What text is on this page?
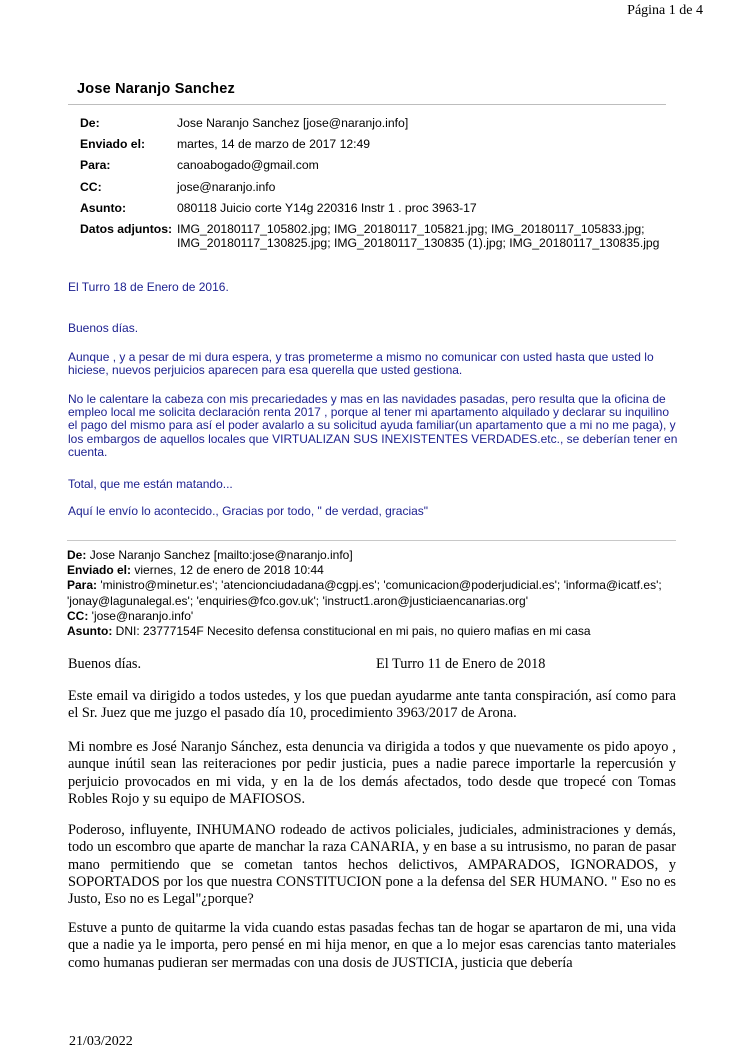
Página 1 de 4
Jose Naranjo Sanchez
De:	Jose Naranjo Sanchez [jose@naranjo.info]
Enviado el:	martes, 14 de marzo de 2017 12:49
Para:	canoabogado@gmail.com
CC:	jose@naranjo.info
Asunto:	080118 Juicio corte Y14g 220316 Instr 1 . proc 3963-17
Datos adjuntos: IMG_20180117_105802.jpg; IMG_20180117_105821.jpg; IMG_20180117_105833.jpg; IMG_20180117_130825.jpg; IMG_20180117_130835 (1).jpg; IMG_20180117_130835.jpg
El Turro 18 de Enero de 2016.
Buenos días.
Aunque , y a pesar de mi dura espera, y tras prometerme a mismo no comunicar con usted hasta que usted lo hiciese, nuevos perjuicios aparecen para esa querella que usted gestiona.
No le calentare la cabeza con mis precariedades y mas en las navidades pasadas, pero resulta que la oficina de empleo local me solicita declaración renta 2017 , porque al tener mi apartamento alquilado y declarar su inquilino el pago del mismo para así el poder avalarlo a su solicitud ayuda familiar(un apartamento que a mi no me paga), y los embargos de aquellos locales que VIRTUALIZAN SUS INEXISTENTES VERDADES.etc., se deberían tener en cuenta.
Total, que me están matando...
Aquí le envío lo acontecido., Gracias por todo, " de verdad, gracias"
De: Jose Naranjo Sanchez [mailto:jose@naranjo.info]
Enviado el: viernes, 12 de enero de 2018 10:44
Para: 'ministro@minetur.es'; 'atencionciudadana@cgpj.es'; 'comunicacion@poderjudicial.es'; 'informa@icatf.es'; 'jonay@lagunalegal.es'; 'enquiries@fco.gov.uk'; 'instruct1.aron@justiciaencanarias.org'
CC: 'jose@naranjo.info'
Asunto: DNI: 23777154F Necesito defensa constitucional en mi pais, no quiero mafias en mi casa
Buenos días.	El Turro 11 de Enero de 2018
Este email va dirigido a todos ustedes, y los que puedan ayudarme ante tanta conspiración, así como para el Sr. Juez que me juzgo el pasado día 10, procedimiento 3963/2017 de Arona.
Mi nombre es José Naranjo Sánchez, esta denuncia va dirigida a todos y que nuevamente os pido apoyo , aunque inútil sean las reiteraciones por pedir justicia, pues a nadie parece importarle la repercusión y perjuicio provocados en mi vida, y en la de los demás afectados, todo desde que tropecé con Tomas Robles Rojo y su equipo de MAFIOSOS.
Poderoso, influyente, INHUMANO rodeado de activos policiales, judiciales, administraciones y demás, todo un escombro que aparte de manchar la raza CANARIA, y en base a su intrusismo, no paran de pasar mano permitiendo que se cometan tantos hechos delictivos, AMPARADOS, IGNORADOS, y SOPORTADOS por los que nuestra CONSTITUCION pone a la defensa del SER HUMANO. " Eso no es Justo, Eso no es Legal"¿porque?
Estuve a punto de quitarme la vida cuando estas pasadas fechas tan de hogar se apartaron de mi, una vida que a nadie ya le importa, pero pensé en mi hija menor, en que a lo mejor esas carencias tanto materiales como humanas pudieran ser mermadas con una dosis de JUSTICIA, justicia que debería
21/03/2022
